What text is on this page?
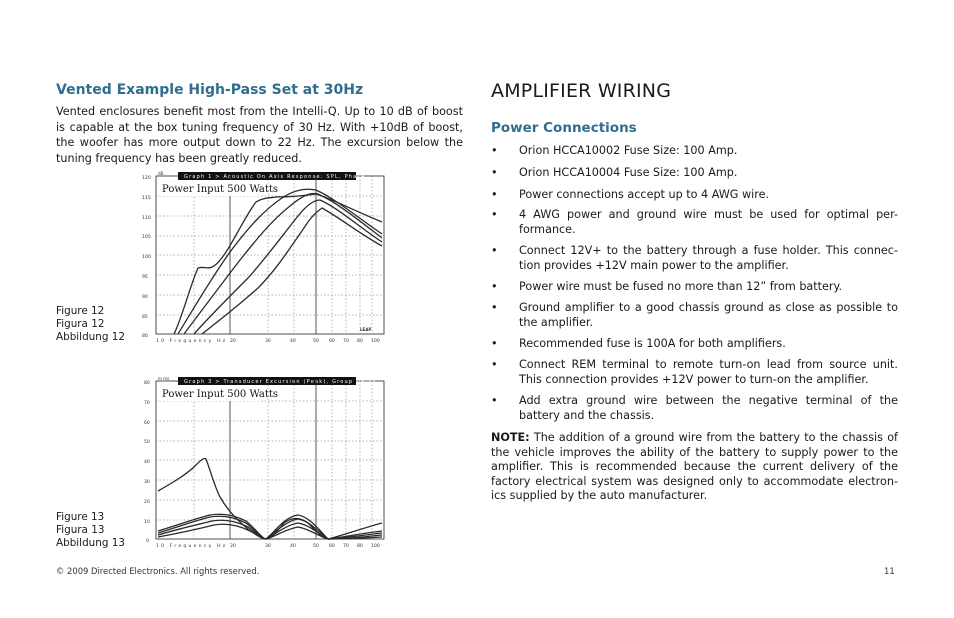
Vented Example High-Pass Set at 30Hz

Vented enclosures benefit most from the Intelli-Q. Up to 10 dB of boost is capable at the box tuning frequency of 30 Hz. With +10dB of boost, the woofer has more output down to 22 Hz. The excursion below the tuning frequency has been greatly reduced.

Figure 12
Figura 12
Abbildung 12
Graph 1 > Acoustic On Axis Response: SPL, Phase
dB
120
115
110
105
100
95
90
85
80
Power Input 500 Watts
LEAP
10 Frequency Hz 20	30	40	50 60 70 80 100
Figure 13
Figura 13
Abbildung 13
Graph 3 > Transducer Excursion (Peak), Group Delay
m ms
80
70
60
50
40
30
20
10
0
Power Input 500 Watts
10 Frequency Hz 20	30	40	50 60 70 80 100
AMPLIFIER WIRING
Power Connections
• Orion HCCA10002 Fuse Size: 100 Amp.
• Orion HCCA10004 Fuse Size: 100 Amp.
• Power connections accept up to 4 AWG wire.
• 4 AWG power and ground wire must be used for optimal per-formance.
• Connect 12V+ to the battery through a fuse holder. This connec-tion provides +12V main power to the amplifier.
• Power wire must be fused no more than 12” from battery.
• Ground amplifier to a good chassis ground as close as possible to the amplifier.
• Recommended fuse is 100A for both amplifiers.
• Connect REM terminal to remote turn-on lead from source unit. This connection provides +12V power to turn-on the amplifier.
• Add extra ground wire between the negative terminal of the battery and the chassis.

NOTE: The addition of a ground wire from the battery to the chassis of the vehicle improves the ability of the battery to supply power to the amplifier. This is recommended because the current delivery of the factory electrical system was designed only to accommodate electron-ics supplied by the auto manufacturer.

© 2009 Directed Electronics. All rights reserved.	11
